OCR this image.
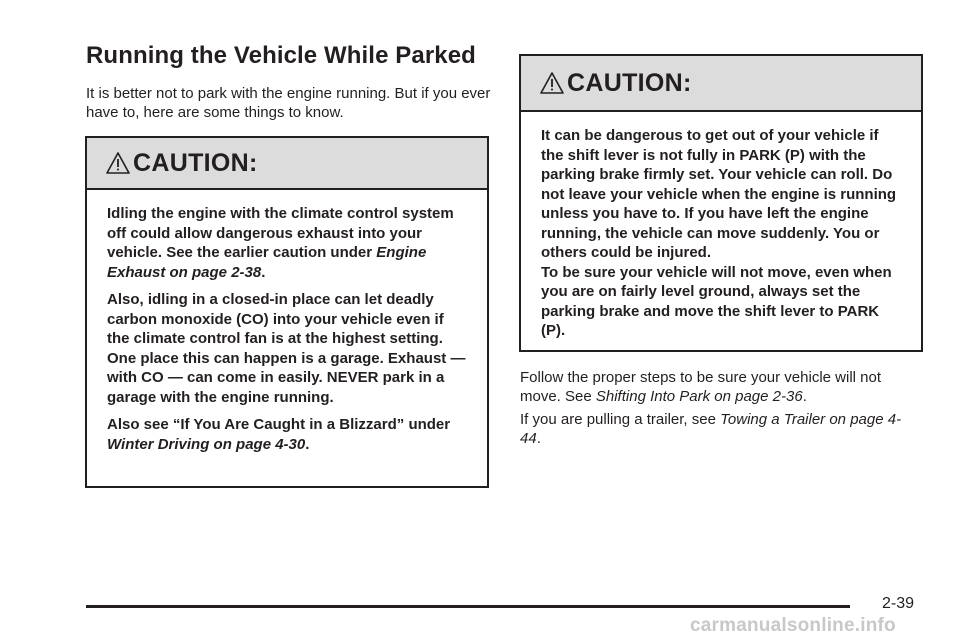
Running the Vehicle While Parked

It is better not to park with the engine running. But if you ever have to, here are some things to know.

CAUTION:

Idling the engine with the climate control system off could allow dangerous exhaust into your vehicle. See the earlier caution under Engine Exhaust on page 2-38.

Also, idling in a closed-in place can let deadly carbon monoxide (CO) into your vehicle even if the climate control fan is at the highest setting. One place this can happen is a garage. Exhaust — with CO — can come in easily. NEVER park in a garage with the engine running.

Also see “If You Are Caught in a Blizzard” under Winter Driving on page 4-30.

CAUTION:

It can be dangerous to get out of your vehicle if the shift lever is not fully in PARK (P) with the parking brake firmly set. Your vehicle can roll. Do not leave your vehicle when the engine is running unless you have to. If you have left the engine running, the vehicle can move suddenly. You or others could be injured.

To be sure your vehicle will not move, even when you are on fairly level ground, always set the parking brake and move the shift lever to PARK (P).

Follow the proper steps to be sure your vehicle will not move. See Shifting Into Park on page 2-36.

If you are pulling a trailer, see Towing a Trailer on page 4-44.

2-39
carmanualsonline.info
